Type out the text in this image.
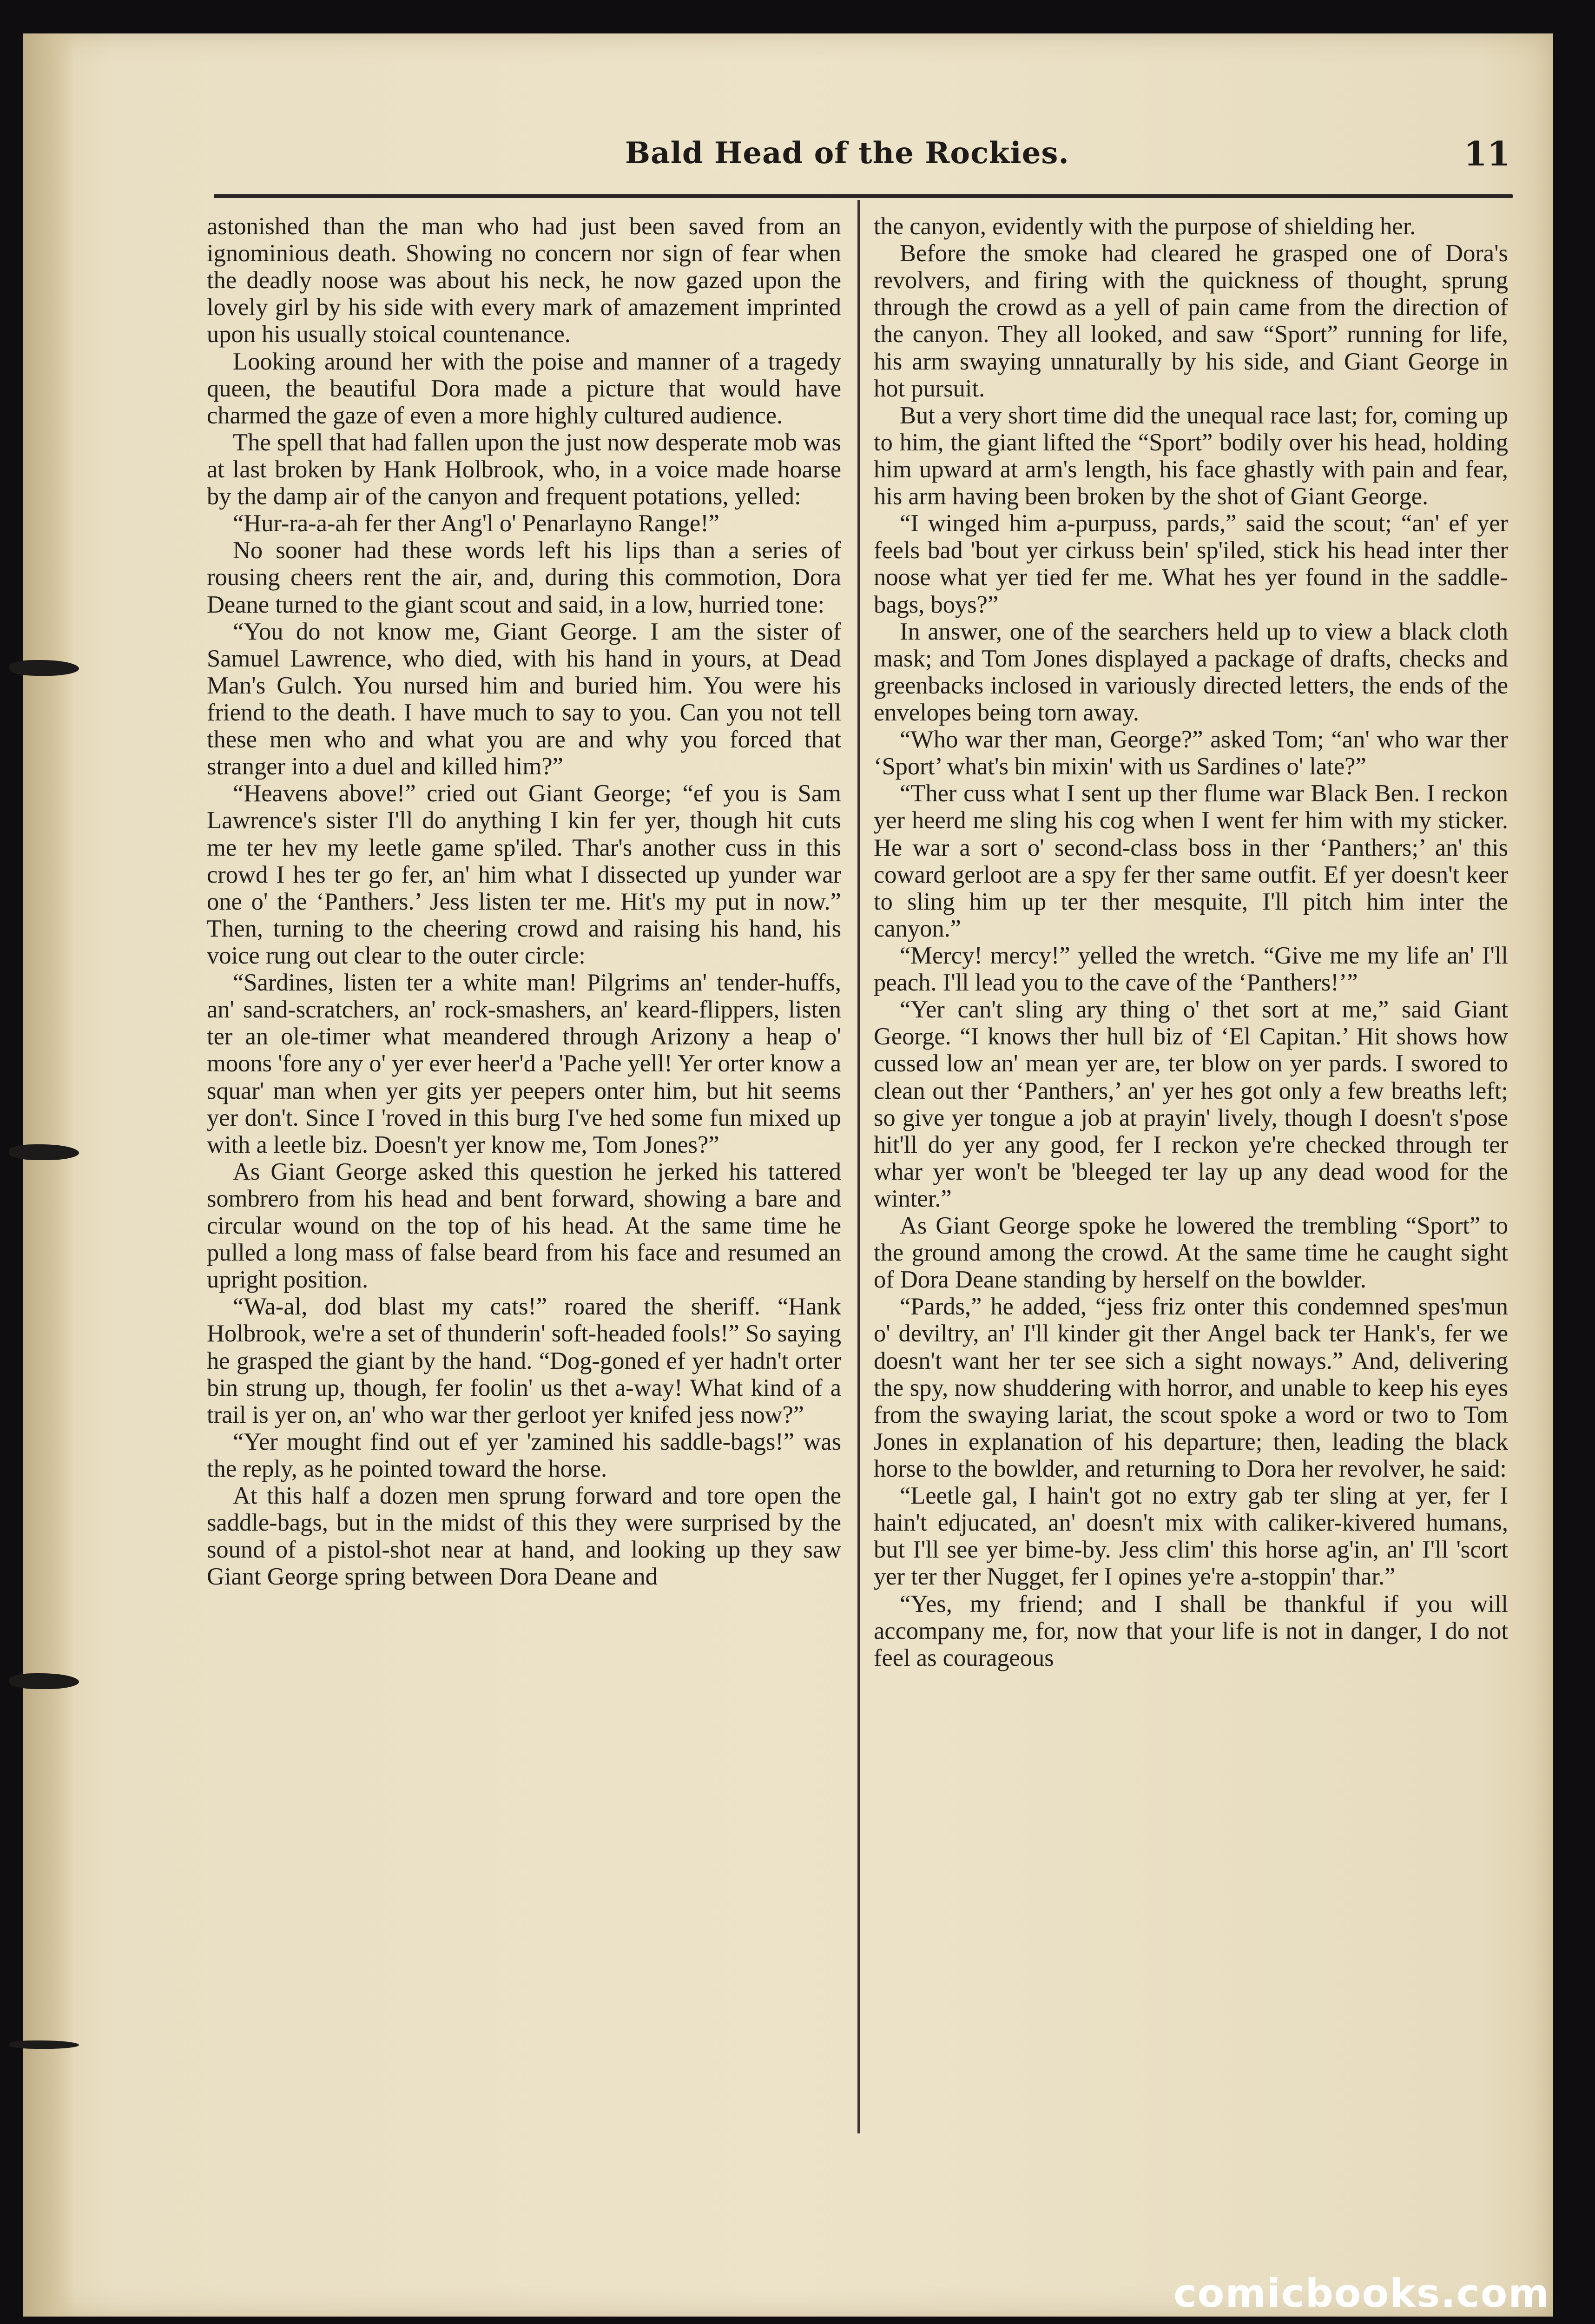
Bald Head of the Rockies.	11

astonished than the man who had just been saved from an ignominious death. Showing no concern nor sign of fear when the deadly noose was about his neck, he now gazed upon the lovely girl by his side with every mark of amazement imprinted upon his usually stoical countenance.

Looking around her with the poise and manner of a tragedy queen, the beautiful Dora made a picture that would have charmed the gaze of even a more highly cultured audience.

The spell that had fallen upon the just now desperate mob was at last broken by Hank Holbrook, who, in a voice made hoarse by the damp air of the canyon and frequent potations, yelled:

“Hur-ra-a-ah fer ther Ang'l o' Penarlayno Range!”

No sooner had these words left his lips than a series of rousing cheers rent the air, and, during this commotion, Dora Deane turned to the giant scout and said, in a low, hurried tone:

“You do not know me, Giant George. I am the sister of Samuel Lawrence, who died, with his hand in yours, at Dead Man's Gulch. You nursed him and buried him. You were his friend to the death. I have much to say to you. Can you not tell these men who and what you are and why you forced that stranger into a duel and killed him?”

“Heavens above!” cried out Giant George; “ef you is Sam Lawrence's sister I'll do anything I kin fer yer, though hit cuts me ter hev my leetle game sp'iled. Thar's another cuss in this crowd I hes ter go fer, an' him what I dissected up yunder war one o' the ‘Panthers.’ Jess listen ter me. Hit's my put in now.” Then, turning to the cheering crowd and raising his hand, his voice rung out clear to the outer circle:

“Sardines, listen ter a white man! Pilgrims an' tender-huffs, an' sand-scratchers, an' rock-smashers, an' keard-flippers, listen ter an ole-timer what meandered through Arizony a heap o' moons 'fore any o' yer ever heer'd a 'Pache yell! Yer orter know a squar' man when yer gits yer peepers onter him, but hit seems yer don't. Since I 'roved in this burg I've hed some fun mixed up with a leetle biz. Doesn't yer know me, Tom Jones?”

As Giant George asked this question he jerked his tattered sombrero from his head and bent forward, showing a bare and circular wound on the top of his head. At the same time he pulled a long mass of false beard from his face and resumed an upright position.

“Wa-al, dod blast my cats!” roared the sheriff. “Hank Holbrook, we're a set of thunderin' soft-headed fools!” So saying he grasped the giant by the hand. “Dog-goned ef yer hadn't orter bin strung up, though, fer foolin' us thet a-way! What kind of a trail is yer on, an' who war ther gerloot yer knifed jess now?”

“Yer mought find out ef yer 'zamined his saddle-bags!” was the reply, as he pointed toward the horse.

At this half a dozen men sprung forward and tore open the saddle-bags, but in the midst of this they were surprised by the sound of a pistol-shot near at hand, and looking up they saw Giant George spring between Dora Deane and

the canyon, evidently with the purpose of shielding her.

Before the smoke had cleared he grasped one of Dora's revolvers, and firing with the quickness of thought, sprung through the crowd as a yell of pain came from the direction of the canyon. They all looked, and saw “Sport” running for life, his arm swaying unnaturally by his side, and Giant George in hot pursuit.

But a very short time did the unequal race last; for, coming up to him, the giant lifted the “Sport” bodily over his head, holding him upward at arm's length, his face ghastly with pain and fear, his arm having been broken by the shot of Giant George.

“I winged him a-purpuss, pards,” said the scout; “an' ef yer feels bad 'bout yer cirkuss bein' sp'iled, stick his head inter ther noose what yer tied fer me. What hes yer found in the saddle-bags, boys?”

In answer, one of the searchers held up to view a black cloth mask; and Tom Jones displayed a package of drafts, checks and greenbacks inclosed in variously directed letters, the ends of the envelopes being torn away.

“Who war ther man, George?” asked Tom; “an' who war ther ‘Sport’ what's bin mixin' with us Sardines o' late?”

“Ther cuss what I sent up ther flume war Black Ben. I reckon yer heerd me sling his cog when I went fer him with my sticker. He war a sort o' second-class boss in ther ‘Panthers;’ an' this coward gerloot are a spy fer ther same outfit. Ef yer doesn't keer to sling him up ter ther mesquite, I'll pitch him inter the canyon.”

“Mercy! mercy!” yelled the wretch. “Give me my life an' I'll peach. I'll lead you to the cave of the ‘Panthers!’”

“Yer can't sling ary thing o' thet sort at me,” said Giant George. “I knows ther hull biz of ‘El Capitan.’ Hit shows how cussed low an' mean yer are, ter blow on yer pards. I swored to clean out ther ‘Panthers,’ an' yer hes got only a few breaths left; so give yer tongue a job at prayin' lively, though I doesn't s'pose hit'll do yer any good, fer I reckon ye're checked through ter whar yer won't be 'bleeged ter lay up any dead wood for the winter.”

As Giant George spoke he lowered the trembling “Sport” to the ground among the crowd. At the same time he caught sight of Dora Deane standing by herself on the bowlder.

“Pards,” he added, “jess friz onter this condemned spes'mun o' deviltry, an' I'll kinder git ther Angel back ter Hank's, fer we doesn't want her ter see sich a sight noways.” And, delivering the spy, now shuddering with horror, and unable to keep his eyes from the swaying lariat, the scout spoke a word or two to Tom Jones in explanation of his departure; then, leading the black horse to the bowlder, and returning to Dora her revolver, he said:

“Leetle gal, I hain't got no extry gab ter sling at yer, fer I hain't edjucated, an' doesn't mix with caliker-kivered humans, but I'll see yer bime-by. Jess clim' this horse ag'in, an' I'll 'scort yer ter ther Nugget, fer I opines ye're a-stoppin' thar.”

“Yes, my friend; and I shall be thankful if you will accompany me, for, now that your life is not in danger, I do not feel as courageous

comicbooks.com
